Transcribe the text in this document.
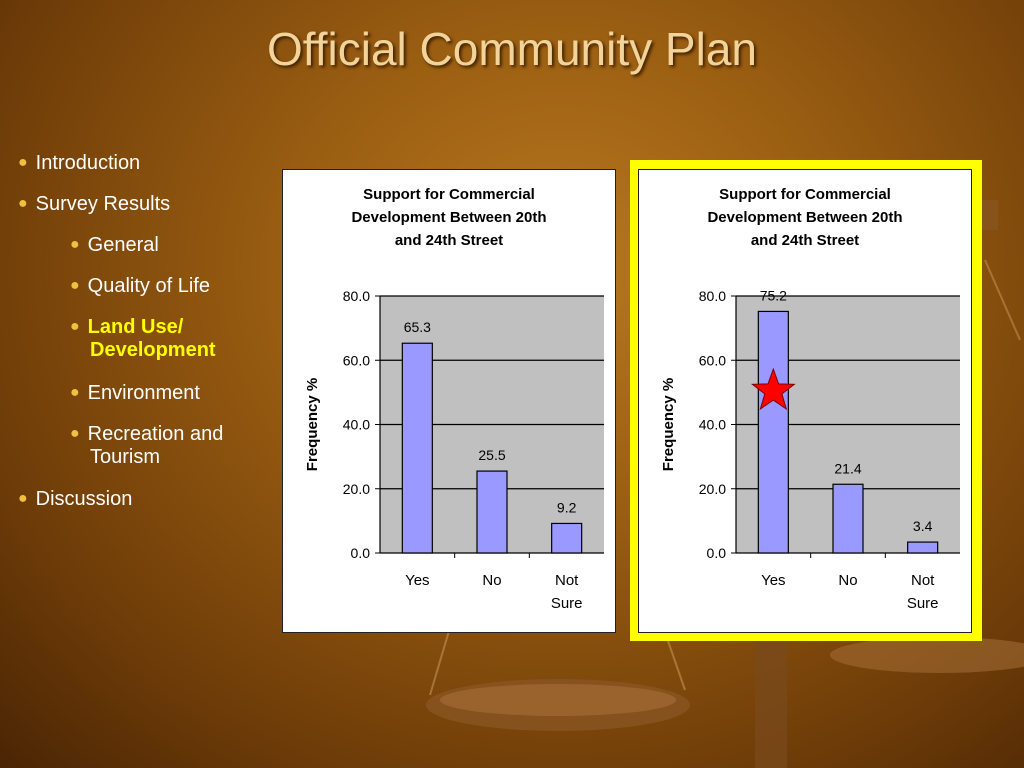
Official Community Plan
● Introduction
● Survey Results
● General
● Quality of Life
● Land Use/
Development
● Environment
● Recreation and
Tourism
● Discussion
Support for Commercial
Development Between 20th
and 24th Street
0.0
20.0
40.0
60.0
80.0
Frequency %
65.3
Yes
25.5
No
9.2
Not
Sure
Support for Commercial
Development Between 20th
and 24th Street
0.0
20.0
40.0
60.0
80.0
Frequency %
75.2
Yes
21.4
No
3.4
Not
Sure
